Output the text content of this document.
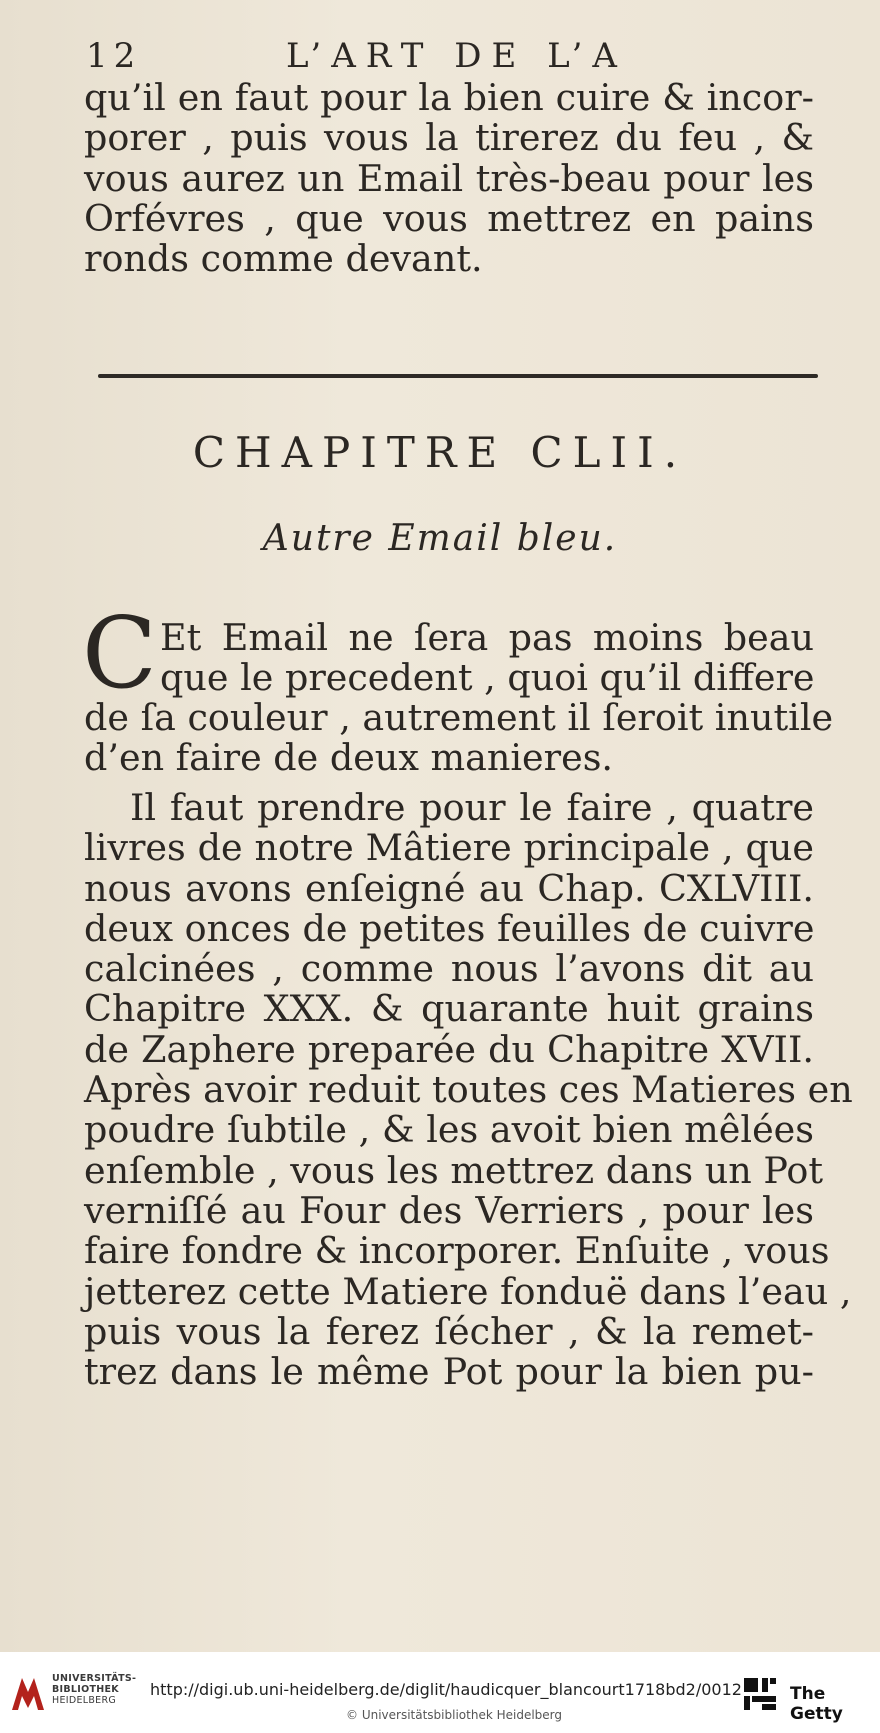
12	L’ART DE L’A
qu’il en faut pour la bien cuire & incor-
porer , puis vous la tirerez du feu , &
vous aurez un Email très-beau pour les
Orfévres , que vous mettrez en pains
ronds comme devant.
CHAPITRE CLII.
Autre Email bleu.
C Et Email ne ſera pas moins beau
que le precedent , quoi qu’il differe
de ſa couleur , autrement il ſeroit inutile
d’en faire de deux manieres.
Il faut prendre pour le faire , quatre
livres de notre Mâtiere principale , que
nous avons enſeigné au Chap. CXLVIII.
deux onces de petites feuilles de cuivre
calcinées , comme nous l’avons dit au
Chapitre XXX. & quarante huit grains
de Zaphere preparée du Chapitre XVII.
Après avoir reduit toutes ces Matieres en
poudre ſubtile , & les avoit bien mêlées
enſemble , vous les mettrez dans un Pot
verniſſé au Four des Verriers , pour les
faire fondre & incorporer. Enſuite , vous
jetterez cette Matiere fonduë dans l’eau ,
puis vous la ferez ſécher , & la remet-
trez dans le même Pot pour la bien pu-
UNIVERSITÄTS-
BIBLIOTHEK
HEIDELBERG
http://digi.ub.uni-heidelberg.de/diglit/haudicquer_blancourt1718bd2/0012
© Universitätsbibliothek Heidelberg
The Getty
